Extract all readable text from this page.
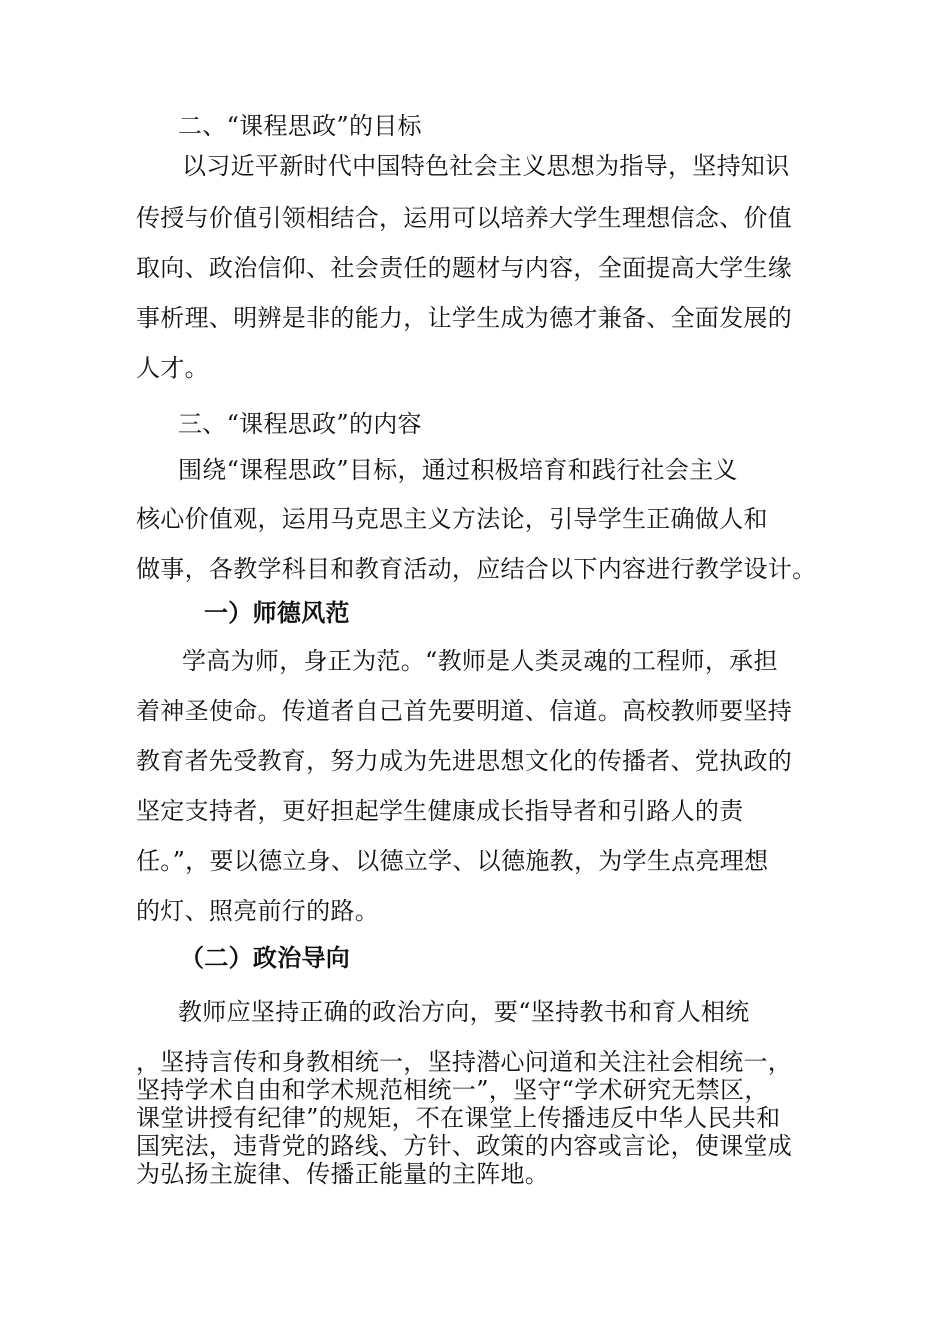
二、“课程思政”的目标
以习近平新时代中国特色社会主义思想为指导，坚持知识
传授与价值引领相结合，运用可以培养大学生理想信念、价值
取向、政治信仰、社会责任的题材与内容，全面提高大学生缘
事析理、明辨是非的能力，让学生成为德才兼备、全面发展的
人才。
三、“课程思政”的内容
围绕“课程思政”目标，通过积极培育和践行社会主义
核心价值观，运用马克思主义方法论，引导学生正确做人和
做事，各教学科目和教育活动，应结合以下内容进行教学设计。
一）师德风范
学高为师，身正为范。“教师是人类灵魂的工程师，承担
着神圣使命。传道者自己首先要明道、信道。高校教师要坚持
教育者先受教育，努力成为先进思想文化的传播者、党执政的
坚定支持者，更好担起学生健康成长指导者和引路人的责
任。”，要以德立身、以德立学、以德施教，为学生点亮理想
的灯、照亮前行的路。
（二）政治导向
教师应坚持正确的政治方向，要“坚持教书和育人相统
，坚持言传和身教相统一，坚持潜心问道和关注社会相统一，
坚持学术自由和学术规范相统一”，坚守“学术研究无禁区，
课堂讲授有纪律”的规矩，不在课堂上传播违反中华人民共和
国宪法，违背党的路线、方针、政策的内容或言论，使课堂成
为弘扬主旋律、传播正能量的主阵地。
